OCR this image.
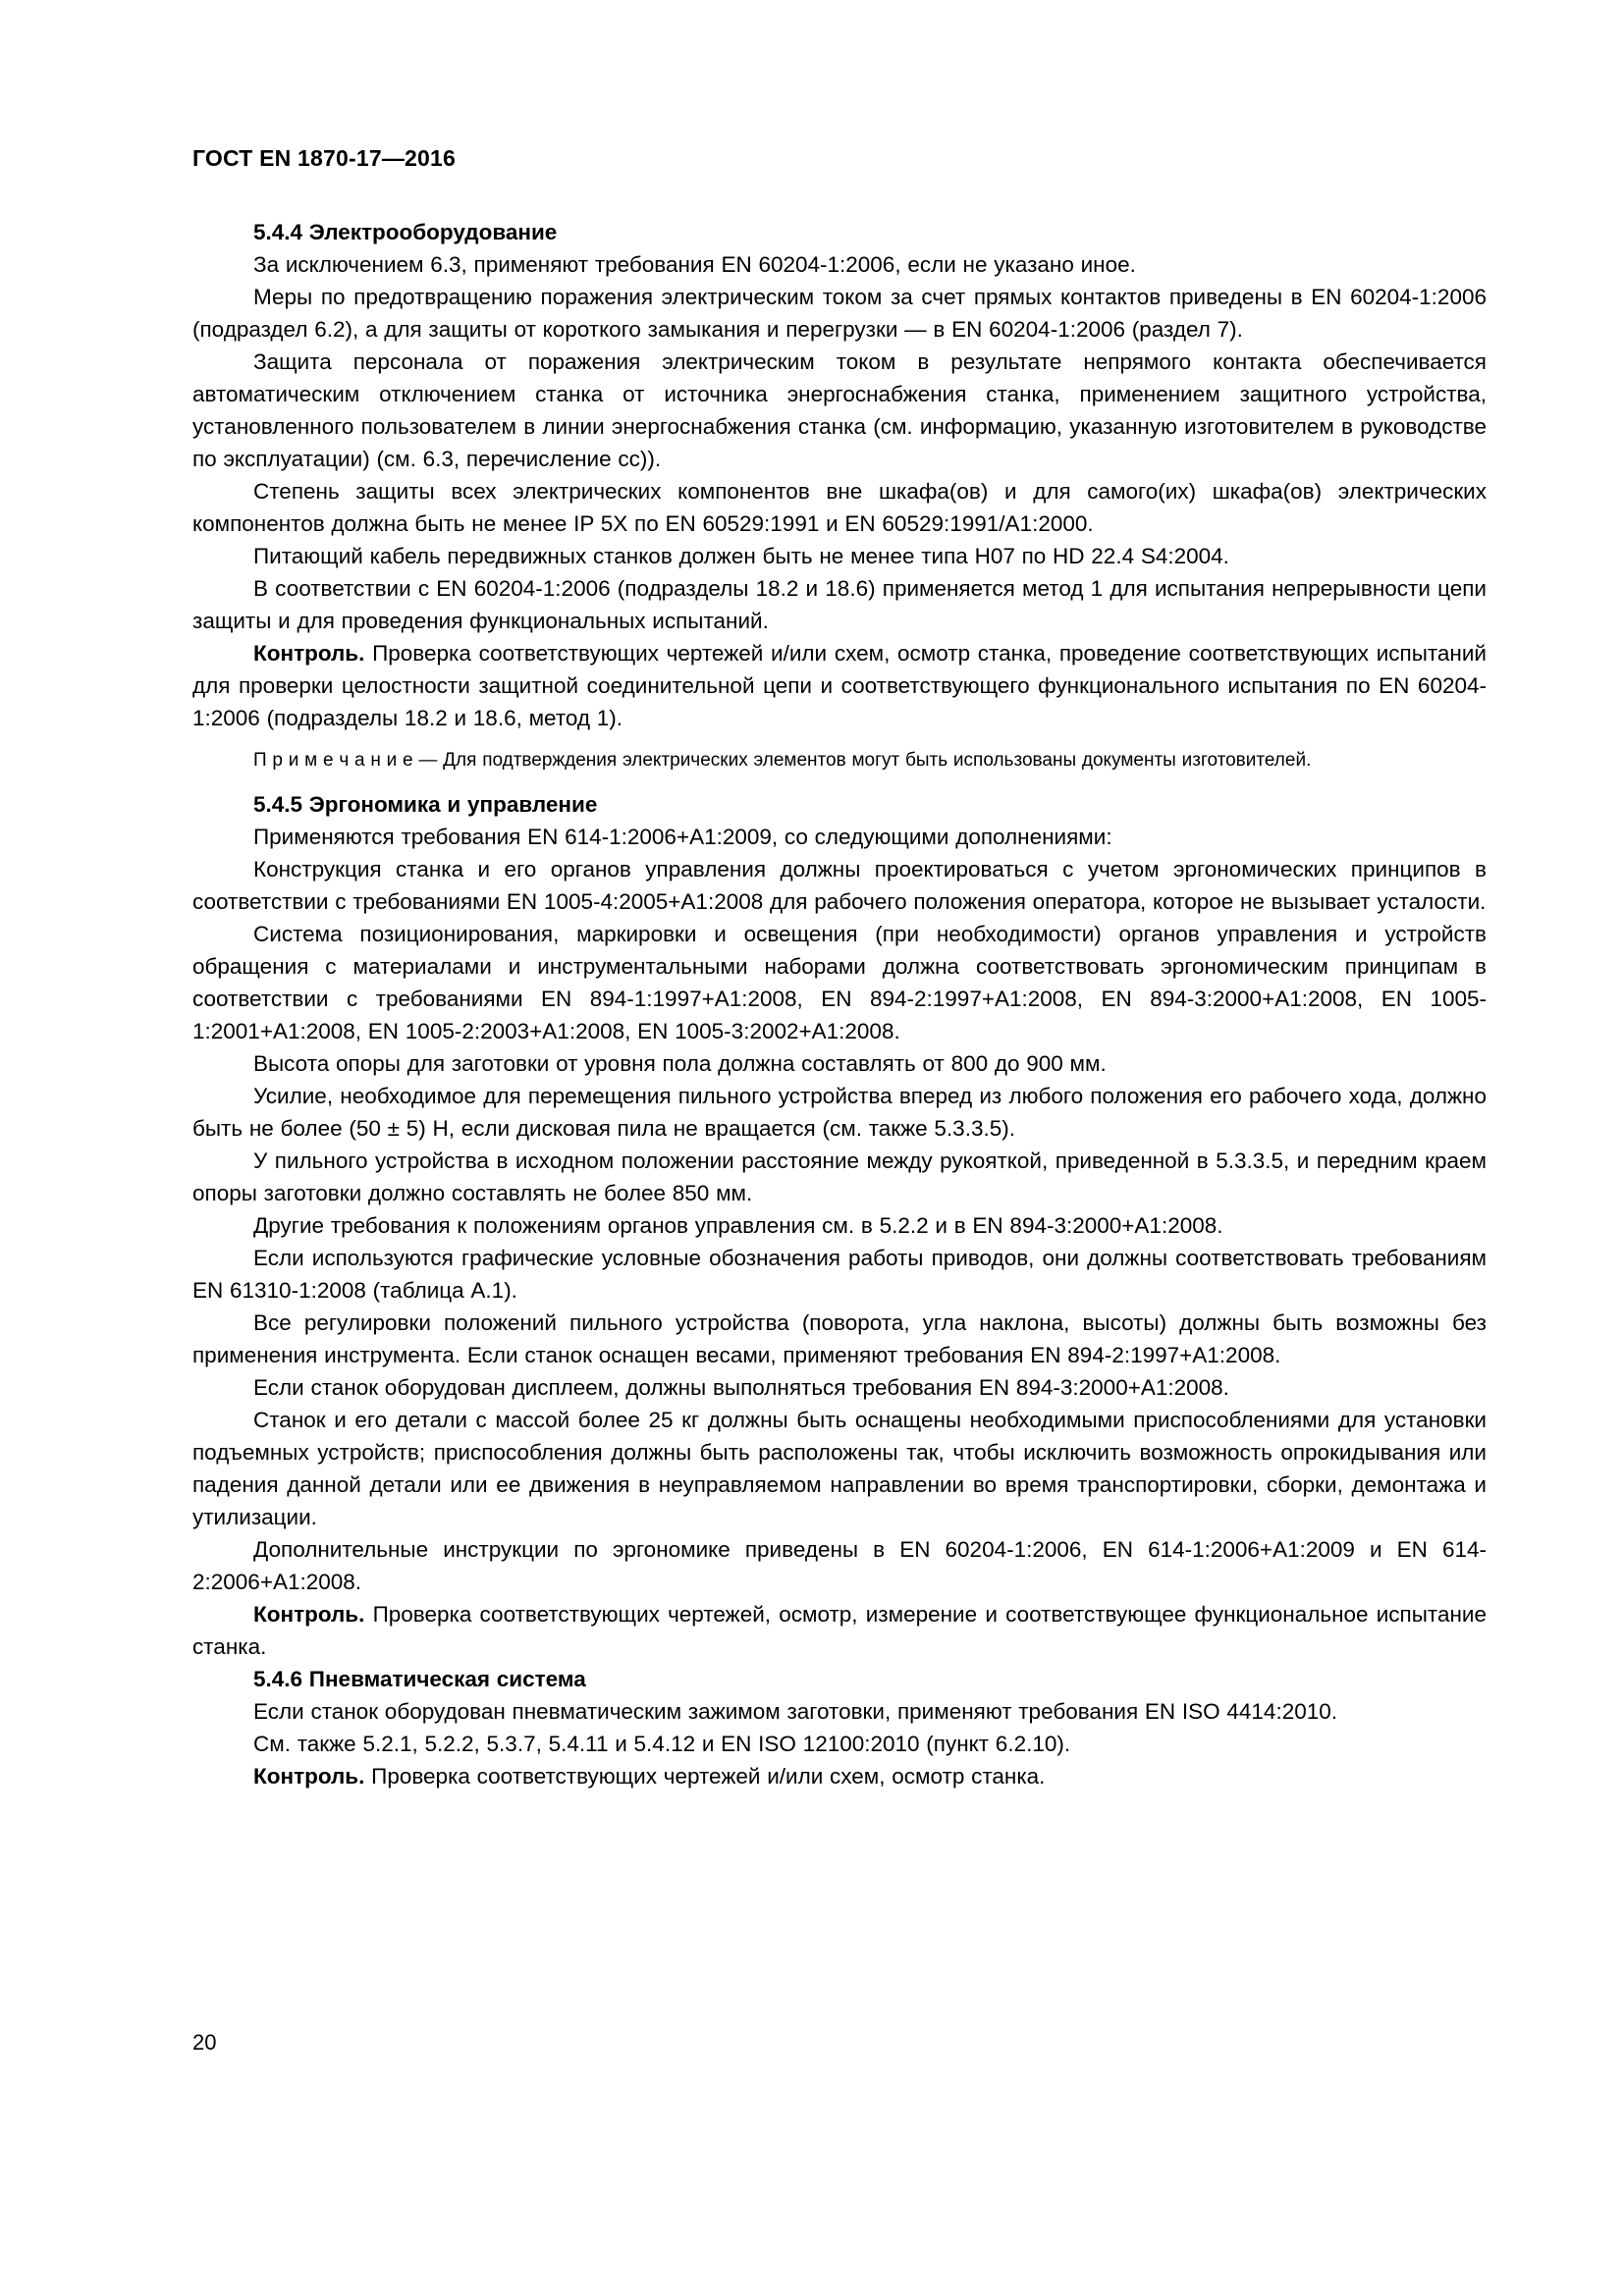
ГОСТ EN 1870-17—2016

5.4.4 Электрооборудование

За исключением 6.3, применяют требования EN 60204-1:2006, если не указано иное.

Меры по предотвращению поражения электрическим током за счет прямых контактов приведены в EN 60204-1:2006 (подраздел 6.2), а для защиты от короткого замыкания и перегрузки — в EN 60204-1:2006 (раздел 7).

Защита персонала от поражения электрическим током в результате непрямого контакта обеспечивается автоматическим отключением станка от источника энергоснабжения станка, применением защитного устройства, установленного пользователем в линии энергоснабжения станка (см. информацию, указанную изготовителем в руководстве по эксплуатации) (см. 6.3, перечисление сс)).

Степень защиты всех электрических компонентов вне шкафа(ов) и для самого(их) шкафа(ов) электрических компонентов должна быть не менее IP 5X по EN 60529:1991 и EN 60529:1991/A1:2000.

Питающий кабель передвижных станков должен быть не менее типа H07 по HD 22.4 S4:2004.

В соответствии с EN 60204-1:2006 (подразделы 18.2 и 18.6) применяется метод 1 для испытания непрерывности цепи защиты и для проведения функциональных испытаний.

Контроль. Проверка соответствующих чертежей и/или схем, осмотр станка, проведение соответствующих испытаний для проверки целостности защитной соединительной цепи и соответствующего функционального испытания по EN 60204-1:2006 (подразделы 18.2 и 18.6, метод 1).

П р и м е ч а н и е — Для подтверждения электрических элементов могут быть использованы документы изготовителей.

5.4.5 Эргономика и управление

Применяются требования EN 614-1:2006+A1:2009, со следующими дополнениями:

Конструкция станка и его органов управления должны проектироваться с учетом эргономических принципов в соответствии с требованиями EN 1005-4:2005+A1:2008 для рабочего положения оператора, которое не вызывает усталости.

Система позиционирования, маркировки и освещения (при необходимости) органов управления и устройств обращения с материалами и инструментальными наборами должна соответствовать эргономическим принципам в соответствии с требованиями EN 894-1:1997+A1:2008, EN 894-2:1997+A1:2008, EN 894-3:2000+A1:2008, EN 1005-1:2001+A1:2008, EN 1005-2:2003+A1:2008, EN 1005-3:2002+A1:2008.

Высота опоры для заготовки от уровня пола должна составлять от 800 до 900 мм.

Усилие, необходимое для перемещения пильного устройства вперед из любого положения его рабочего хода, должно быть не более (50 ± 5) Н, если дисковая пила не вращается (см. также 5.3.3.5).

У пильного устройства в исходном положении расстояние между рукояткой, приведенной в 5.3.3.5, и передним краем опоры заготовки должно составлять не более 850 мм.

Другие требования к положениям органов управления см. в 5.2.2 и в EN 894-3:2000+A1:2008.

Если используются графические условные обозначения работы приводов, они должны соответствовать требованиям EN 61310-1:2008 (таблица А.1).

Все регулировки положений пильного устройства (поворота, угла наклона, высоты) должны быть возможны без применения инструмента. Если станок оснащен весами, применяют требования EN 894-2:1997+A1:2008.

Если станок оборудован дисплеем, должны выполняться требования EN 894-3:2000+A1:2008.

Станок и его детали с массой более 25 кг должны быть оснащены необходимыми приспособлениями для установки подъемных устройств; приспособления должны быть расположены так, чтобы исключить возможность опрокидывания или падения данной детали или ее движения в неуправляемом направлении во время транспортировки, сборки, демонтажа и утилизации.

Дополнительные инструкции по эргономике приведены в EN 60204-1:2006, EN 614-1:2006+A1:2009 и EN 614-2:2006+A1:2008.

Контроль. Проверка соответствующих чертежей, осмотр, измерение и соответствующее функциональное испытание станка.

5.4.6 Пневматическая система

Если станок оборудован пневматическим зажимом заготовки, применяют требования EN ISO 4414:2010.

См. также 5.2.1, 5.2.2, 5.3.7, 5.4.11 и 5.4.12 и EN ISO 12100:2010 (пункт 6.2.10).

Контроль. Проверка соответствующих чертежей и/или схем, осмотр станка.

20
